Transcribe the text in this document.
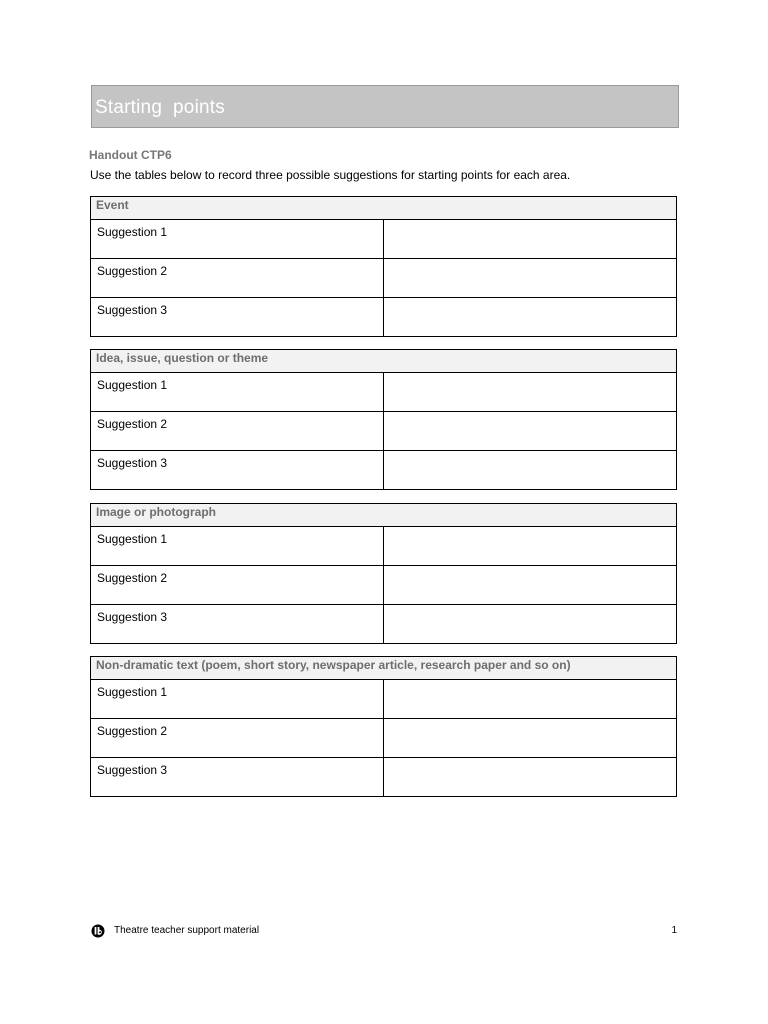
Starting  points
Handout CTP6
Use the tables below to record three possible suggestions for starting points for each area.
Event	
Suggestion 1	
Suggestion 2	
Suggestion 3	
Idea, issue, question or theme	
Suggestion 1	
Suggestion 2	
Suggestion 3	
Image or photograph	
Suggestion 1	
Suggestion 2	
Suggestion 3	
Non-dramatic text (poem, short story, newspaper article, research paper and so on)	
Suggestion 1	
Suggestion 2	
Suggestion 3	
Theatre teacher support material	1
